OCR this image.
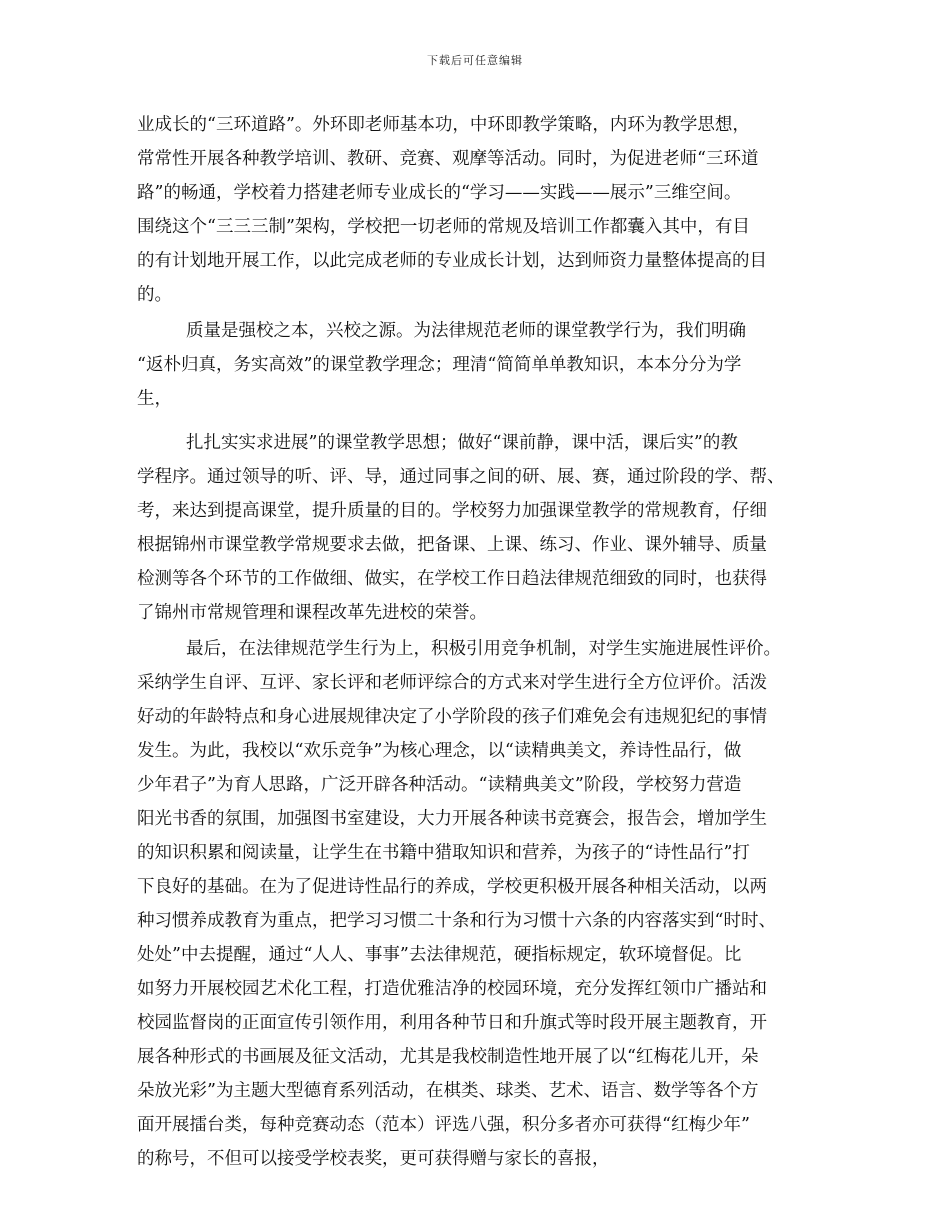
下载后可任意编辑
业成长的“三环道路”。外环即老师基本功，中环即教学策略，内环为教学思想，
常常性开展各种教学培训、教研、竞赛、观摩等活动。同时，为促进老师“三环道
路”的畅通，学校着力搭建老师专业成长的“学习——实践——展示”三维空间。
围绕这个“三三三制”架构，学校把一切老师的常规及培训工作都囊入其中，有目
的有计划地开展工作，以此完成老师的专业成长计划，达到师资力量整体提高的目
的。
质量是强校之本，兴校之源。为法律规范老师的课堂教学行为，我们明确
“返朴归真，务实高效”的课堂教学理念；理清“简简单单教知识，本本分分为学
生，
扎扎实实求进展”的课堂教学思想；做好“课前静，课中活，课后实”的教
学程序。通过领导的听、评、导，通过同事之间的研、展、赛，通过阶段的学、帮、
考，来达到提高课堂，提升质量的目的。学校努力加强课堂教学的常规教育，仔细
根据锦州市课堂教学常规要求去做，把备课、上课、练习、作业、课外辅导、质量
检测等各个环节的工作做细、做实，在学校工作日趋法律规范细致的同时，也获得
了锦州市常规管理和课程改革先进校的荣誉。
最后，在法律规范学生行为上，积极引用竞争机制，对学生实施进展性评价。
采纳学生自评、互评、家长评和老师评综合的方式来对学生进行全方位评价。活泼
好动的年龄特点和身心进展规律决定了小学阶段的孩子们难免会有违规犯纪的事情
发生。为此，我校以“欢乐竞争”为核心理念，以“读精典美文，养诗性品行，做
少年君子”为育人思路，广泛开辟各种活动。“读精典美文”阶段，学校努力营造
阳光书香的氛围，加强图书室建设，大力开展各种读书竞赛会，报告会，增加学生
的知识积累和阅读量，让学生在书籍中猎取知识和营养，为孩子的“诗性品行”打
下良好的基础。在为了促进诗性品行的养成，学校更积极开展各种相关活动，以两
种习惯养成教育为重点，把学习习惯二十条和行为习惯十六条的内容落实到“时时、
处处”中去提醒，通过“人人、事事”去法律规范，硬指标规定，软环境督促。比
如努力开展校园艺术化工程，打造优雅洁净的校园环境，充分发挥红领巾广播站和
校园监督岗的正面宣传引领作用，利用各种节日和升旗式等时段开展主题教育，开
展各种形式的书画展及征文活动，尤其是我校制造性地开展了以“红梅花儿开，朵
朵放光彩”为主题大型德育系列活动，在棋类、球类、艺术、语言、数学等各个方
面开展擂台类，每种竞赛动态（范本）评选八强，积分多者亦可获得“红梅少年”
的称号，不但可以接受学校表奖，更可获得赠与家长的喜报，
